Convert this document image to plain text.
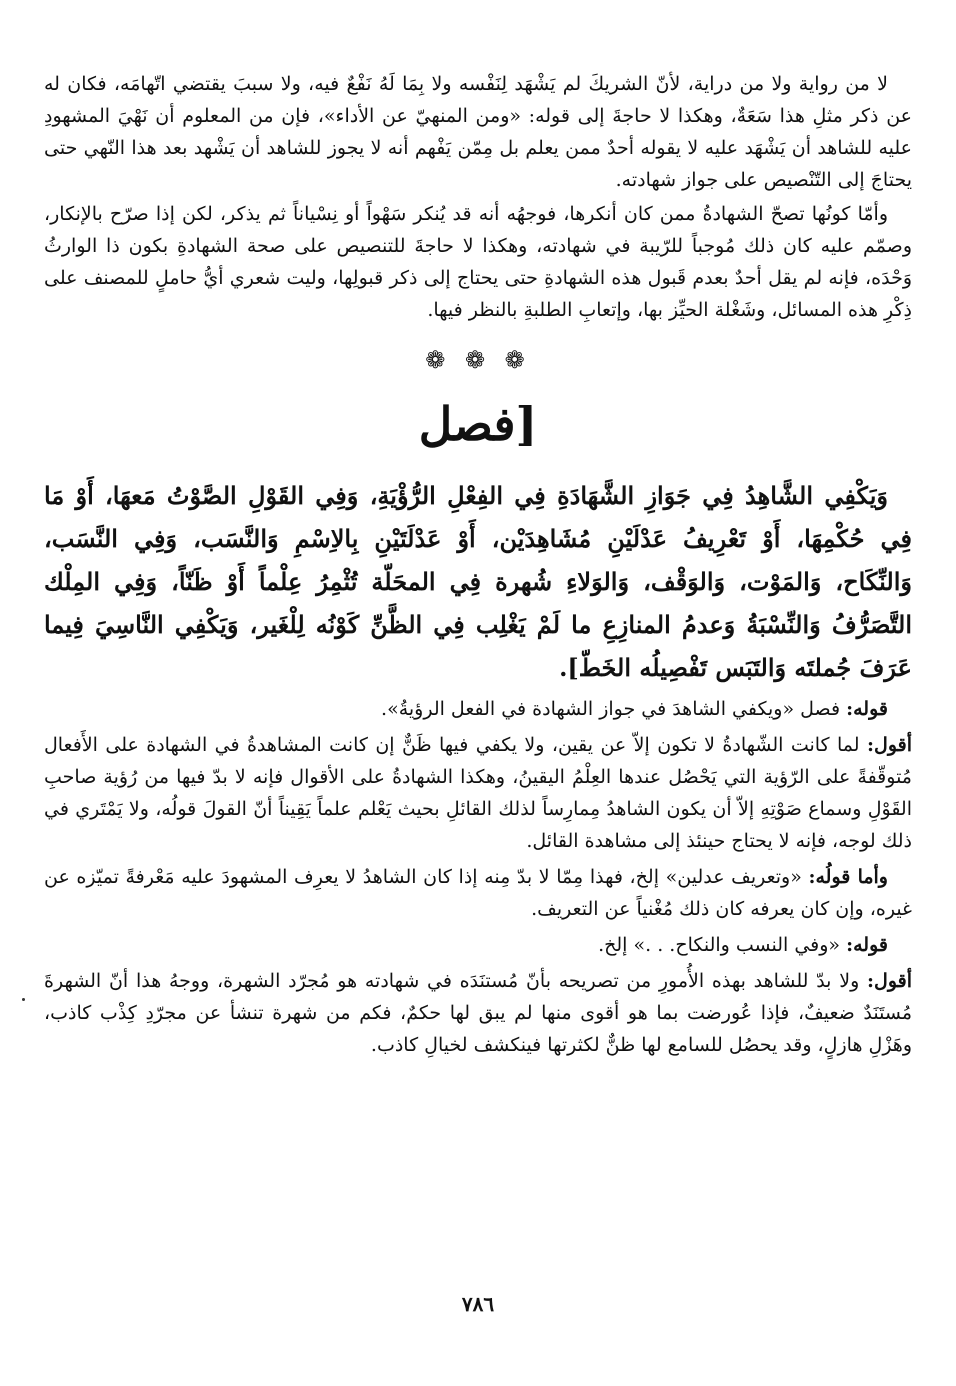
لا من رواية ولا من دراية، لأنّ الشريكَ لم يَشْهَد لِنَفْسه ولا بِمَا لَهُ نَفْعٌ فيه، ولا سببَ يقتضي اتّهامَه، فكان له عن ذكر مثلِ هذا سَعَةٌ، وهكذا لا حاجةَ إلى قوله: «ومن المنهيّ عن الأداء»، فإن من المعلوم أن نَهْيَ المشهودِ عليه للشاهد أن يَشْهَد عليه لا يقوله أحدٌ ممن يعلم بل مِمّن يَفْهم أنه لا يجوز للشاهد أن يَشْهد بعد هذا النّهي حتى يحتاجَ إلى التّنْصيص على جواز شهادته.

وأمّا كونُها تصحّ الشهادةُ ممن كان أنكرها، فوجهُه أنه قد يُنكر سَهْواً أو نِسْياناً ثم يذكر، لكن إذا صرّح بالإنكار، وصمّم عليه كان ذلك مُوجباً للرّيبة في شهادته، وهكذا لا حاجةَ للتنصيص على صحة الشهادةِ بكون ذا الوارثُ وَحْدَه، فإنه لم يقل أحدٌ بعدم قَبول هذه الشهادةِ حتى يحتاج إلى ذكر قبولِها، وليت شعري أيُّ حاملٍ للمصنف على ذِكْرِ هذه المسائل، وشَغْلة الحيِّز بها، وإتعابِ الطلبةِ بالنظر فيها.

❁ ❁ ❁
[فصل

وَيَكْفِي الشَّاهِدُ فِي جَوَازِ الشَّهَادَةِ فِي الفِعْلِ الرُّؤْيَةِ، وَفِي القَوْلِ الصَّوْتُ مَعهَا، أَوْ مَا فِي حُكْمِهَا، أَوْ تَعْرِيفُ عَدْلَيْنِ مُشَاهِدَيْن، أَوْ عَدْلَتَيْنِ بِالاِسْمِ وَالنَّسَب، وَفِي النَّسَب، وَالنِّكَاح، وَالمَوْت، وَالوَقْف، وَالوَلاءِ شُهرة فِي المحَلّة تُثْمِرُ عِلْماً أَوْ ظَنّاً، وَفِي المِلْك التَّصَرُّفُ وَالنِّسْبَةُ وَعدمُ المنازِعِ ما لَمْ يَغْلِب فِي الظَّنِّ كَوْنُه لِلْغَير، وَيَكْفِي النَّاسِيَ فِيما عَرَفَ جُملتَه وَالتَبَس تَفْصِيلُه الخَطّ].

قوله: فصل «ويكفي الشاهدَ في جواز الشهادة في الفعل الرؤيةُ».

أقول: لما كانت الشّهادةُ لا تكون إلاّ عن يقين، ولا يكفي فيها ظَنٌّ إن كانت المشاهدةُ في الشهادة على الأَفعال مُتوقّفةً على الرّؤية التي يَحْصُل عندها العِلْمُ اليقينُ، وهكذا الشهادةُ على الأقوال فإنه لا بدّ فيها من رُؤية صاحبِ القَوْلِ وسماع صَوْتِهِ إلاّ أن يكون الشاهدُ مِمارِساً لذلك القائلِ بحيث يَعْلم علماً يَقِيناً أنّ القولَ قولُه، ولا يَمْتَري في ذلك لوجه، فإنه لا يحتاج حينئذ إلى مشاهدة القائل.

وأما قولُه: «وتعريف عدلين» إلخ، فهذا مِمّا لا بدّ مِنه إذا كان الشاهدُ لا يعرِف المشهودَ عليه مَعْرفةً تميّزه عن غيره، وإن كان يعرفه كان ذلك مُغْنياً عن التعريف.

قوله: «وفي النسب والنكاح. . .» إلخ.

أقول: ولا بدّ للشاهد بهذه الأُمورِ من تصريحه بأنّ مُستنَدَه في شهادته هو مُجرّد الشهرة، ووجهُ هذا أنّ الشهرةَ مُستَنَدٌ ضعيفٌ، فإذا عُورضت بما هو أقوى منها لم يبق لها حكمٌ، فكم من شهرة تنشأ عن مجرّدِ كِذْب كاذب، وهَزْلِ هازلٍ، وقد يحصُل للسامع لها ظنٌّ لكثرتها فينكشف لخيالِ كاذب.

٧٨٦
